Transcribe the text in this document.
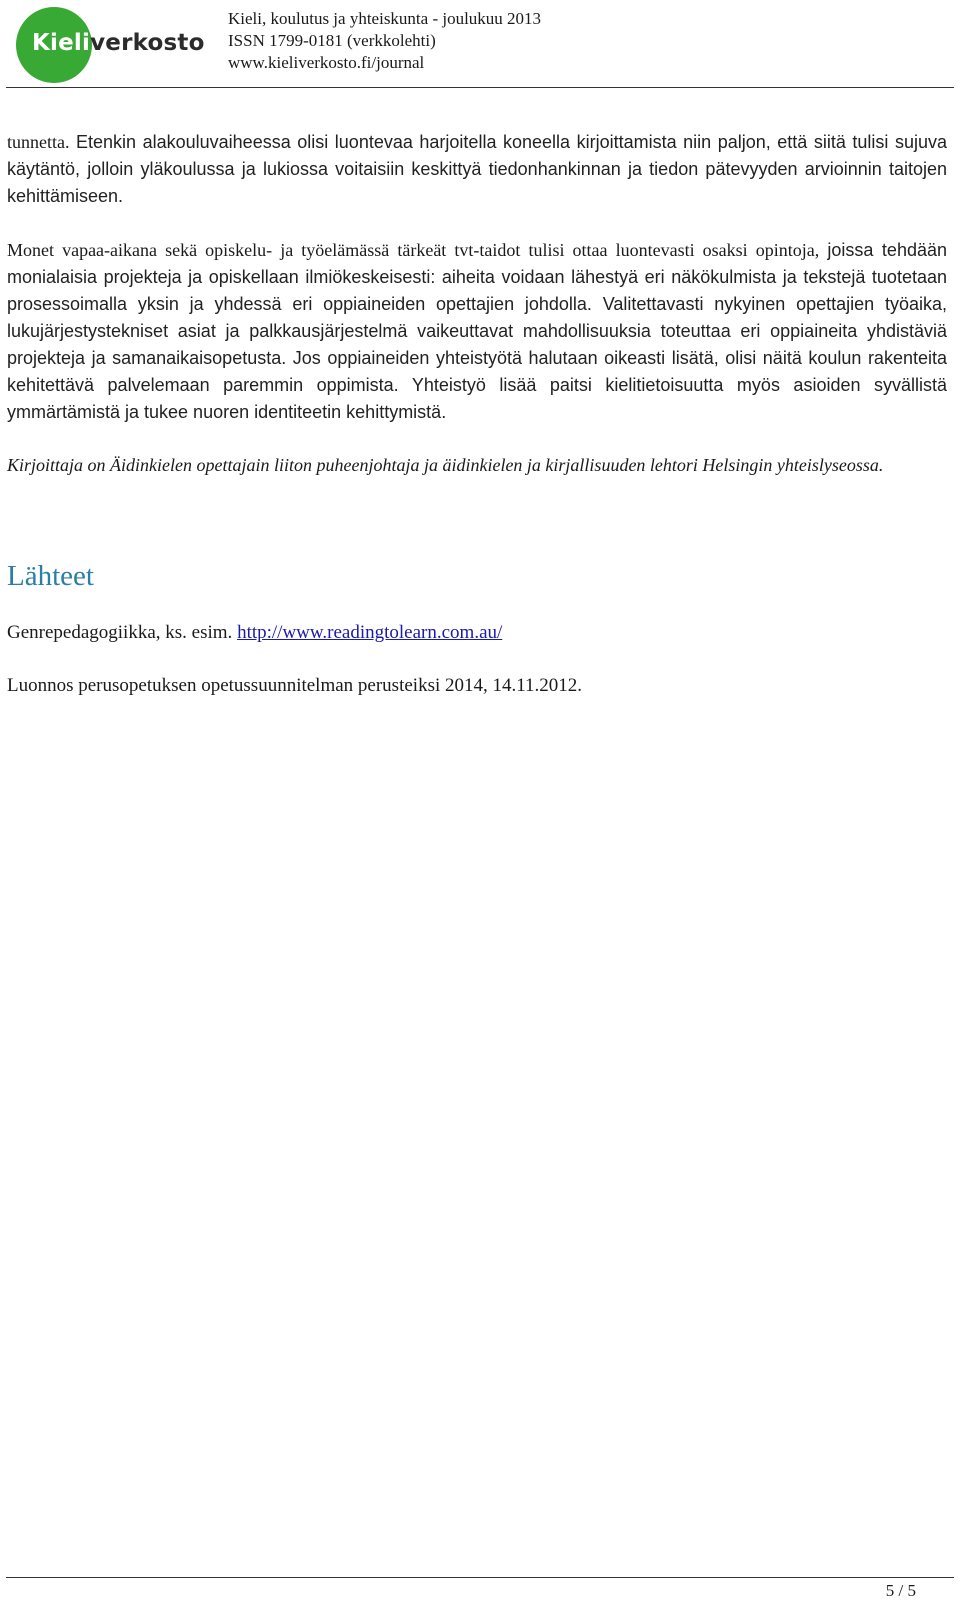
Kieliverkosto
Kieli, koulutus ja yhteiskunta - joulukuu 2013
ISSN 1799-0181 (verkkolehti)
www.kieliverkosto.fi/journal

tunnetta. Etenkin alakouluvaiheessa olisi luontevaa harjoitella koneella kirjoittamista niin paljon, että siitä tulisi sujuva käytäntö, jolloin yläkoulussa ja lukiossa voitaisiin keskittyä tiedonhankinnan ja tiedon pätevyyden arvioinnin taitojen kehittämiseen.

Monet vapaa-aikana sekä opiskelu- ja työelämässä tärkeät tvt-taidot tulisi ottaa luontevasti osaksi opintoja, joissa tehdään monialaisia projekteja ja opiskellaan ilmiökeskeisesti: aiheita voidaan lähestyä eri näkökulmista ja tekstejä tuotetaan prosessoimalla yksin ja yhdessä eri oppiaineiden opettajien johdolla. Valitettavasti nykyinen opettajien työaika, lukujärjestystekniset asiat ja palkkausjärjestelmä vaikeuttavat mahdollisuuksia toteuttaa eri oppiaineita yhdistäviä projekteja ja samanaikaisopetusta. Jos oppiaineiden yhteistyötä halutaan oikeasti lisätä, olisi näitä koulun rakenteita kehitettävä palvelemaan paremmin oppimista. Yhteistyö lisää paitsi kielitietoisuutta myös asioiden syvällistä ymmärtämistä ja tukee nuoren identiteetin kehittymistä.

Kirjoittaja on Äidinkielen opettajain liiton puheenjohtaja ja äidinkielen ja kirjallisuuden lehtori Helsingin yhteislyseossa.

Lähteet

Genrepedagogiikka, ks. esim. http://www.readingtolearn.com.au/

Luonnos perusopetuksen opetussuunnitelman perusteiksi 2014, 14.11.2012.

5 / 5
